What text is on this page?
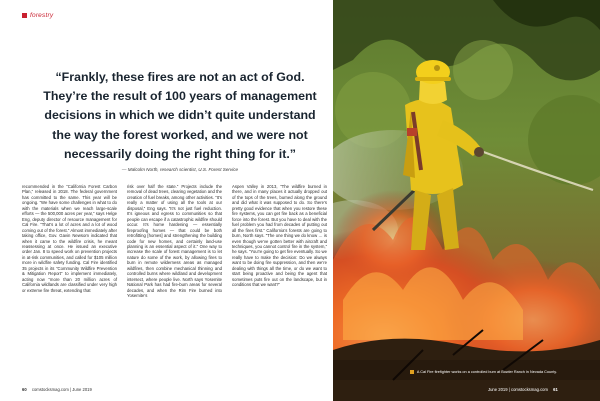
forestry
“Frankly, these fires are not an act of God.
They’re the result of 100 years of management
decisions in which we didn’t quite understand
the way the forest worked, and we were not
necessarily doing the right thing for it.”
— Malcolm North, research scientist, U.S. Forest Service
recommended in the “California Forest Carbon Plan,” released in 2018. The federal government has committed to the same. This year will be ongoing. “We have some challenges in what to do with the materials when we reach large-scale efforts — the 500,000 acres per year,” says Helge Eng, deputy director of resource management for Cal Fire. “That’s a lot of acres and a lot of wood coming out of the forest.” Almost immediately after taking office, Gov. Gavin Newsom indicated that when it came to the wildfire crisis, he meant reassessing at once. He issued an executive order Jan. 8 to speed work on prevention projects in at-risk communities, and called for $105 million more in wildfire safety funding. Cal Fire identified 35 projects in its “Community Wildfire Prevention & Mitigation Report” to implement immediately, acting now “more than 20 million acres of California wildlands are classified under very high or extreme fire threat, extending that
risk over half the state.” Projects include the removal of dead trees, clearing vegetation and the creation of fuel breaks, among other activities. “It’s really a matter of using all the tools at our disposal,” Eng says. “It’s not just fuel reduction. It’s igneous and egress to communities so that people can escape if a catastrophic wildfire should occur. It’s home hardening — essentially fireproofing homes — that could be both retrofitting [homes] and strengthening the building code for new homes, and certainly land-use planning is an essential aspect of it.” One way to increase the scale of forest management is to let nature do some of the work, by allowing fires to burn in remote wilderness areas as managed wildfires, then combine mechanical thinning and controlled burns where wildland and development intersect, where people live. North says Yosemite National Park has had fire-burn areas for several decades, and when the Rim Fire burned into Yosemite’s
Aspen Valley in 2013, “The wildfire burned in there, and in many places it actually dropped out of the tops of the trees, burned along the ground and did what it was supposed to do. So there’s pretty good evidence that when you restore these fire systems, you can get fire back as a beneficial force into the forest. But you have to deal with the fuel problem you had from decades of putting out all the fires first.” California’s forests are going to burn, North says. “The one thing we do know … is even though we’ve gotten better with aircraft and techniques, you cannot control fire in the system,” he says. “You’re going to get fire eventually. So we really have to make the decision: Do we always want to be doing fire suppression, and then we’re dealing with things all the time, or do we want to start being proactive and being the agent that sometimes puts fire out on the landscape, but in conditions that we want?”
60 comstocksmag.com | June 2019	June 2019 | comstocksmag.com 61
A Cal Fire firefighter works on a controlled burn at Bowler Ranch in Nevada County.
